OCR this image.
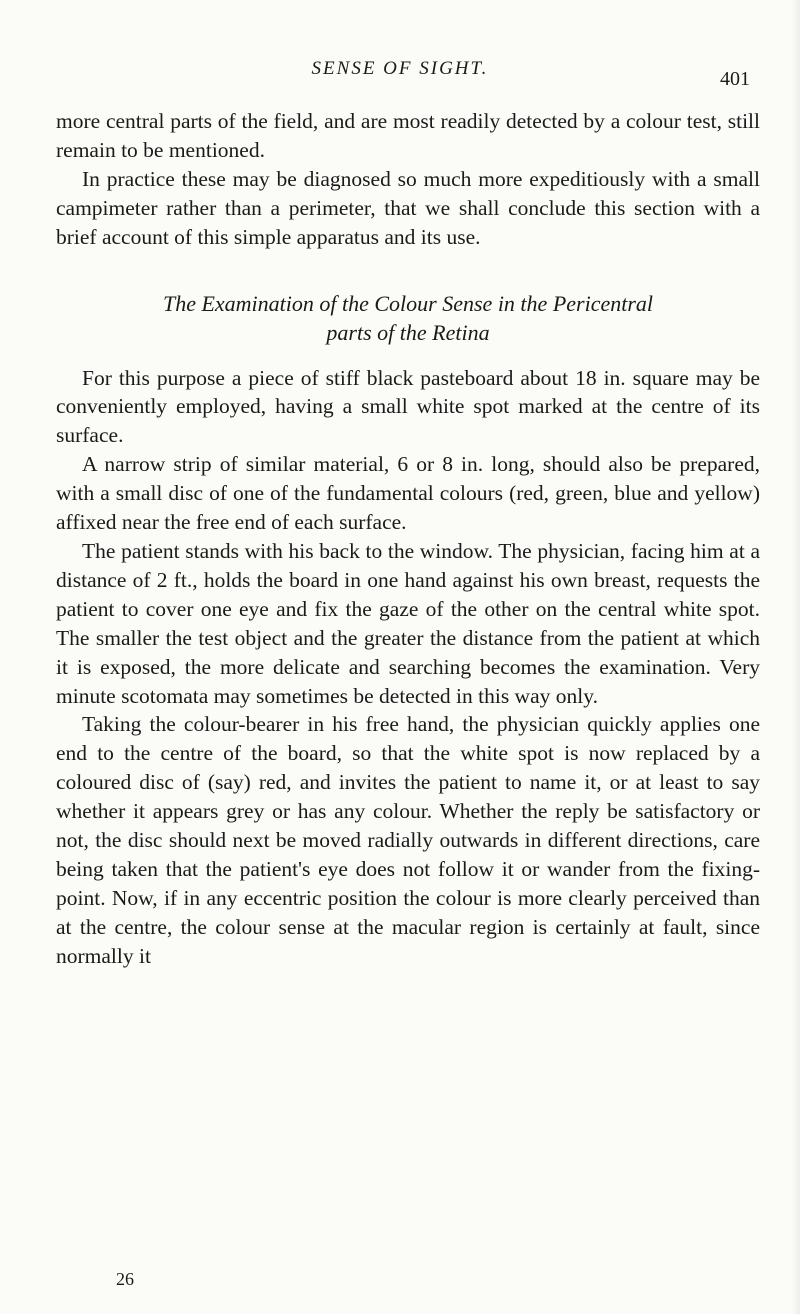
SENSE OF SIGHT.	401

more central parts of the field, and are most readily detected by a colour test, still remain to be mentioned.

In practice these may be diagnosed so much more expeditiously with a small campimeter rather than a perimeter, that we shall conclude this section with a brief account of this simple apparatus and its use.

The Examination of the Colour Sense in the Pericentral
parts of the Retina

For this purpose a piece of stiff black pasteboard about 18 in. square may be conveniently employed, having a small white spot marked at the centre of its surface.

A narrow strip of similar material, 6 or 8 in. long, should also be prepared, with a small disc of one of the fundamental colours (red, green, blue and yellow) affixed near the free end of each surface.

The patient stands with his back to the window. The physician, facing him at a distance of 2 ft., holds the board in one hand against his own breast, requests the patient to cover one eye and fix the gaze of the other on the central white spot. The smaller the test object and the greater the distance from the patient at which it is exposed, the more delicate and searching becomes the examination. Very minute scotomata may sometimes be detected in this way only.

Taking the colour-bearer in his free hand, the physician quickly applies one end to the centre of the board, so that the white spot is now replaced by a coloured disc of (say) red, and invites the patient to name it, or at least to say whether it appears grey or has any colour. Whether the reply be satisfactory or not, the disc should next be moved radially outwards in different directions, care being taken that the patient's eye does not follow it or wander from the fixing-point. Now, if in any eccentric position the colour is more clearly perceived than at the centre, the colour sense at the macular region is certainly at fault, since normally it

26
